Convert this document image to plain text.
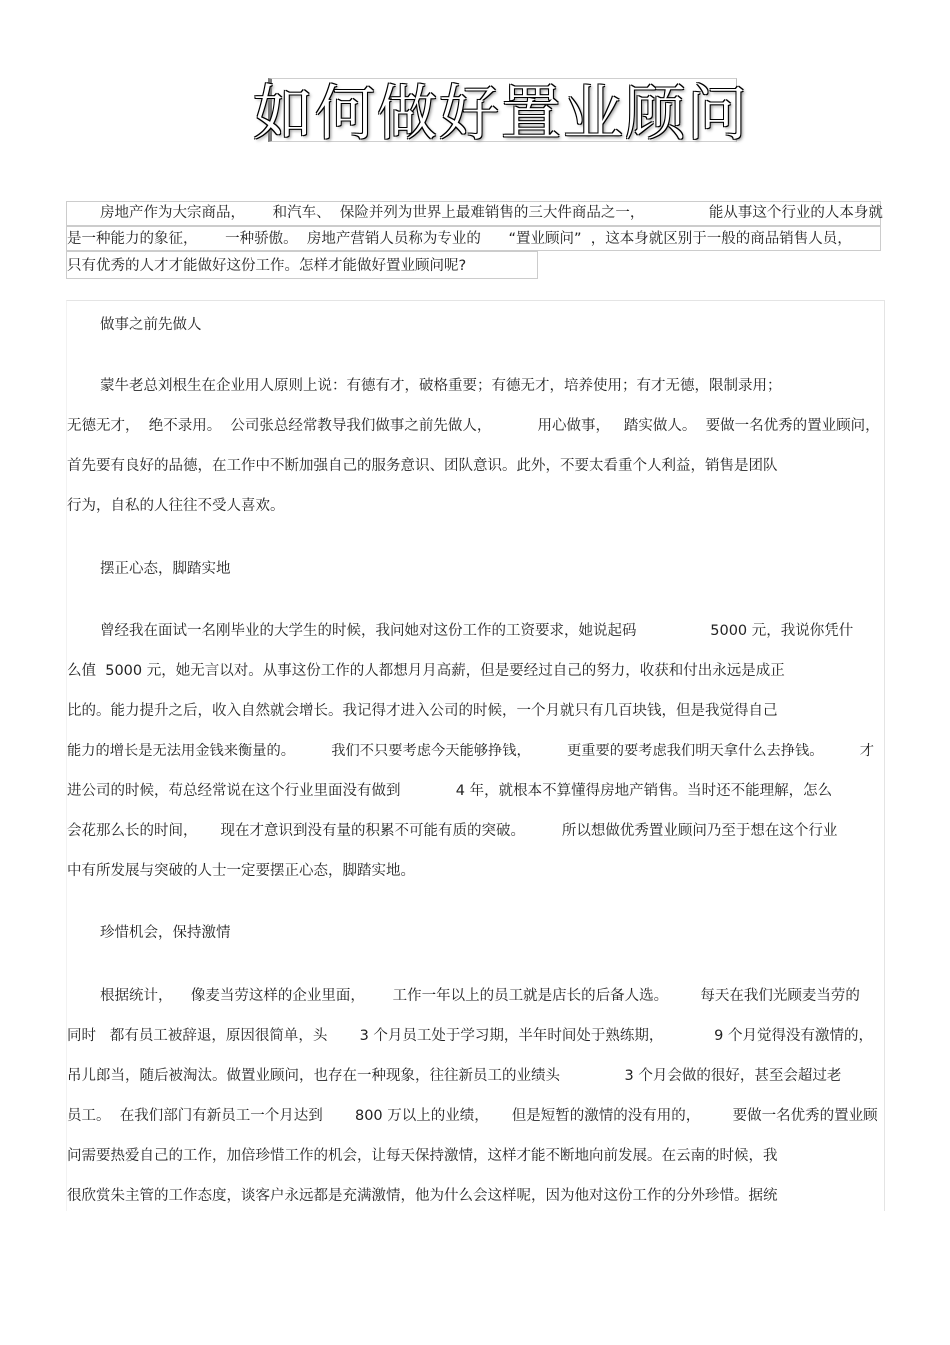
如何做好置业顾问
房地产作为大宗商品，      和汽车、  保险并列为世界上最难销售的三大件商品之一，              能从事这个行业的人本身就
是一种能力的象征，      一种骄傲。  房地产营销人员称为专业的      “置业顾问”  ，这本身就区别于一般的商品销售人员，
只有优秀的人才才能做好这份工作。怎样才能做好置业顾问呢?
做事之前先做人
蒙牛老总刘根生在企业用人原则上说：有德有才，破格重要；有德无才，培养使用；有才无德，限制录用；
无德无才，  绝不录用。  公司张总经常教导我们做事之前先做人，          用心做事，   踏实做人。  要做一名优秀的置业顾问，
首先要有良好的品德，在工作中不断加强自己的服务意识、团队意识。此外，不要太看重个人利益，销售是团队
行为，自私的人往往不受人喜欢。
摆正心态，脚踏实地
曾经我在面试一名刚毕业的大学生的时候，我问她对这份工作的工资要求，她说起码                5000 元，我说你凭什
么值  5000 元，她无言以对。从事这份工作的人都想月月高薪，但是要经过自己的努力，收获和付出永远是成正
比的。能力提升之后，收入自然就会增长。我记得才进入公司的时候，一个月就只有几百块钱，但是我觉得自己
能力的增长是无法用金钱来衡量的。        我们不只要考虑今天能够挣钱，        更重要的要考虑我们明天拿什么去挣钱。        才
进公司的时候，苟总经常说在这个行业里面没有做到            4 年，就根本不算懂得房地产销售。当时还不能理解，怎么
会花那么长的时间，     现在才意识到没有量的积累不可能有质的突破。        所以想做优秀置业顾问乃至于想在这个行业
中有所发展与突破的人士一定要摆正心态，脚踏实地。
珍惜机会，保持激情
根据统计，    像麦当劳这样的企业里面，      工作一年以上的员工就是店长的后备人选。       每天在我们光顾麦当劳的
同时   都有员工被辞退，原因很简单，头       3 个月员工处于学习期，半年时间处于熟练期，           9 个月觉得没有激情的，
吊儿郎当，随后被淘汰。做置业顾问，也存在一种现象，往往新员工的业绩头              3 个月会做的很好，甚至会超过老
员工。  在我们部门有新员工一个月达到       800 万以上的业绩，     但是短暂的激情的没有用的，       要做一名优秀的置业顾
问需要热爱自己的工作，加倍珍惜工作的机会，让每天保持激情，这样才能不断地向前发展。在云南的时候，我
很欣赏朱主管的工作态度，谈客户永远都是充满激情，他为什么会这样呢，因为他对这份工作的分外珍惜。据统
